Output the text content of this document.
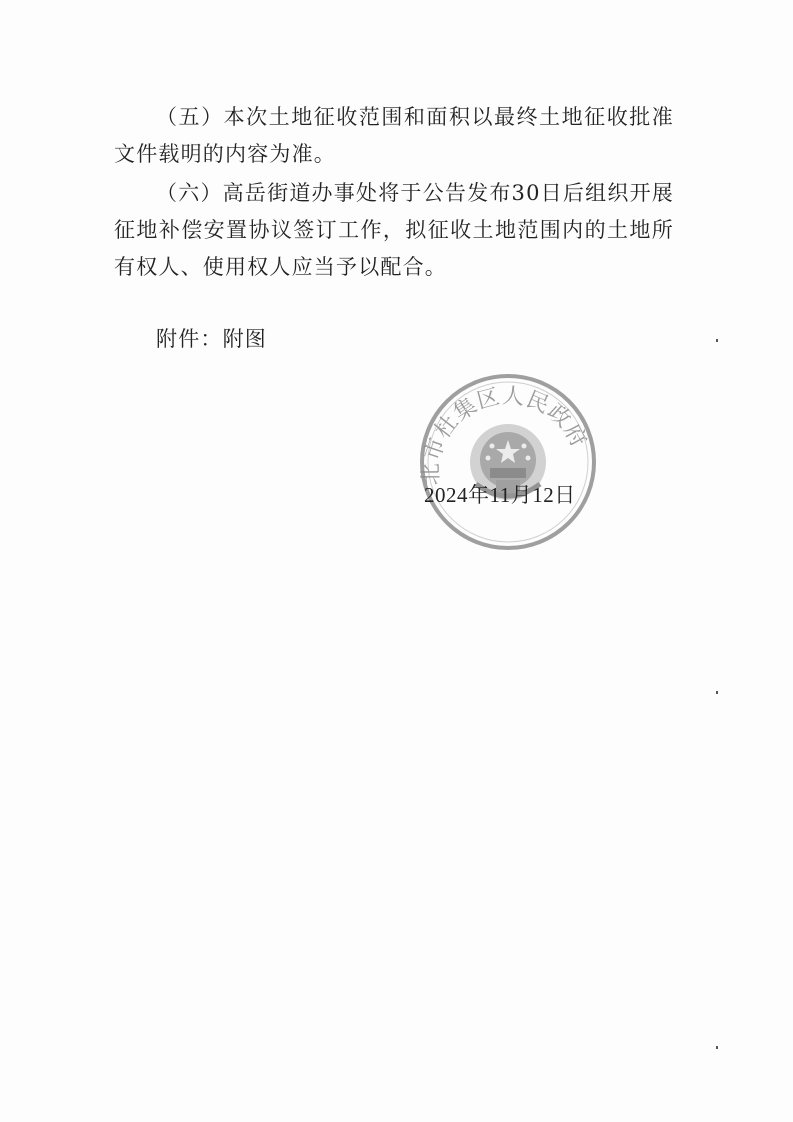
（五）本次土地征收范围和面积以最终土地征收批准文件载明的内容为准。

（六）高岳街道办事处将于公告发布30日后组织开展征地补偿安置协议签订工作，拟征收土地范围内的土地所有权人、使用权人应当予以配合。

附件：附图
北市杜集区人民政府
2024年11月12日
